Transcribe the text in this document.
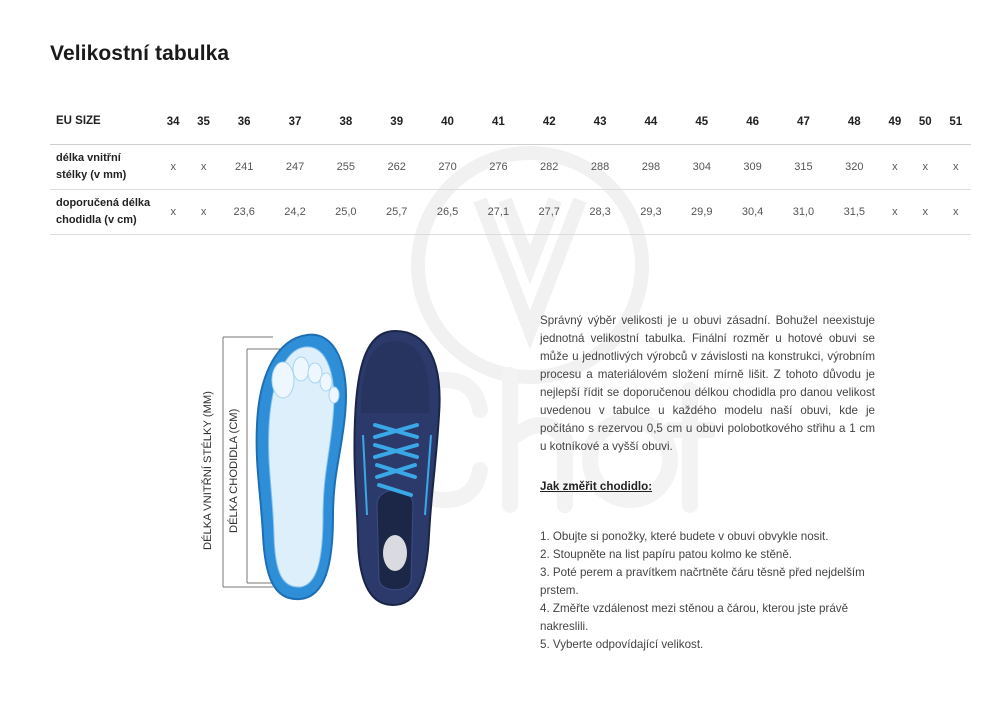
Velikostní tabulka
EU SIZE	34	35	36	37	38	39	40	41	42	43	44	45	46	47	48	49	50	51
délka vnitřní
stélky (v mm)	x	x	241	247	255	262	270	276	282	288	298	304	309	315	320	x	x	x
doporučená délka
chodidla (v cm)	x	x	23,6	24,2	25,0	25,7	26,5	27,1	27,7	28,3	29,3	29,9	30,4	31,0	31,5	x	x	x
DÉLKA VNITŘNÍ STÉLKY (MM) DÉLKA CHODIDLA (CM)

Správný výběr velikosti je u obuvi zásadní. Bohužel neexistuje jednotná velikostní tabulka. Finální rozměr u hotové obuvi se může u jednotlivých výrobců v závislosti na konstrukci, výrobním procesu a materiálovém složení mírně lišit. Z tohoto důvodu je nejlepší řídit se doporučenou délkou chodidla pro danou velikost uvedenou v tabulce u každého modelu naší obuvi, kde je počítáno s rezervou 0,5 cm u obuvi polobotkového střihu a 1 cm u kotníkové a vyšší obuvi.

Jak změřit chodidlo:

1. Obujte si ponožky, které budete v obuvi obvykle nosit.
2. Stoupněte na list papíru patou kolmo ke stěně.
3. Poté perem a pravítkem načrtněte čáru těsně před nejdelším prstem.
4. Změřte vzdálenost mezi stěnou a čárou, kterou jste právě nakreslili.
5. Vyberte odpovídající velikost.
